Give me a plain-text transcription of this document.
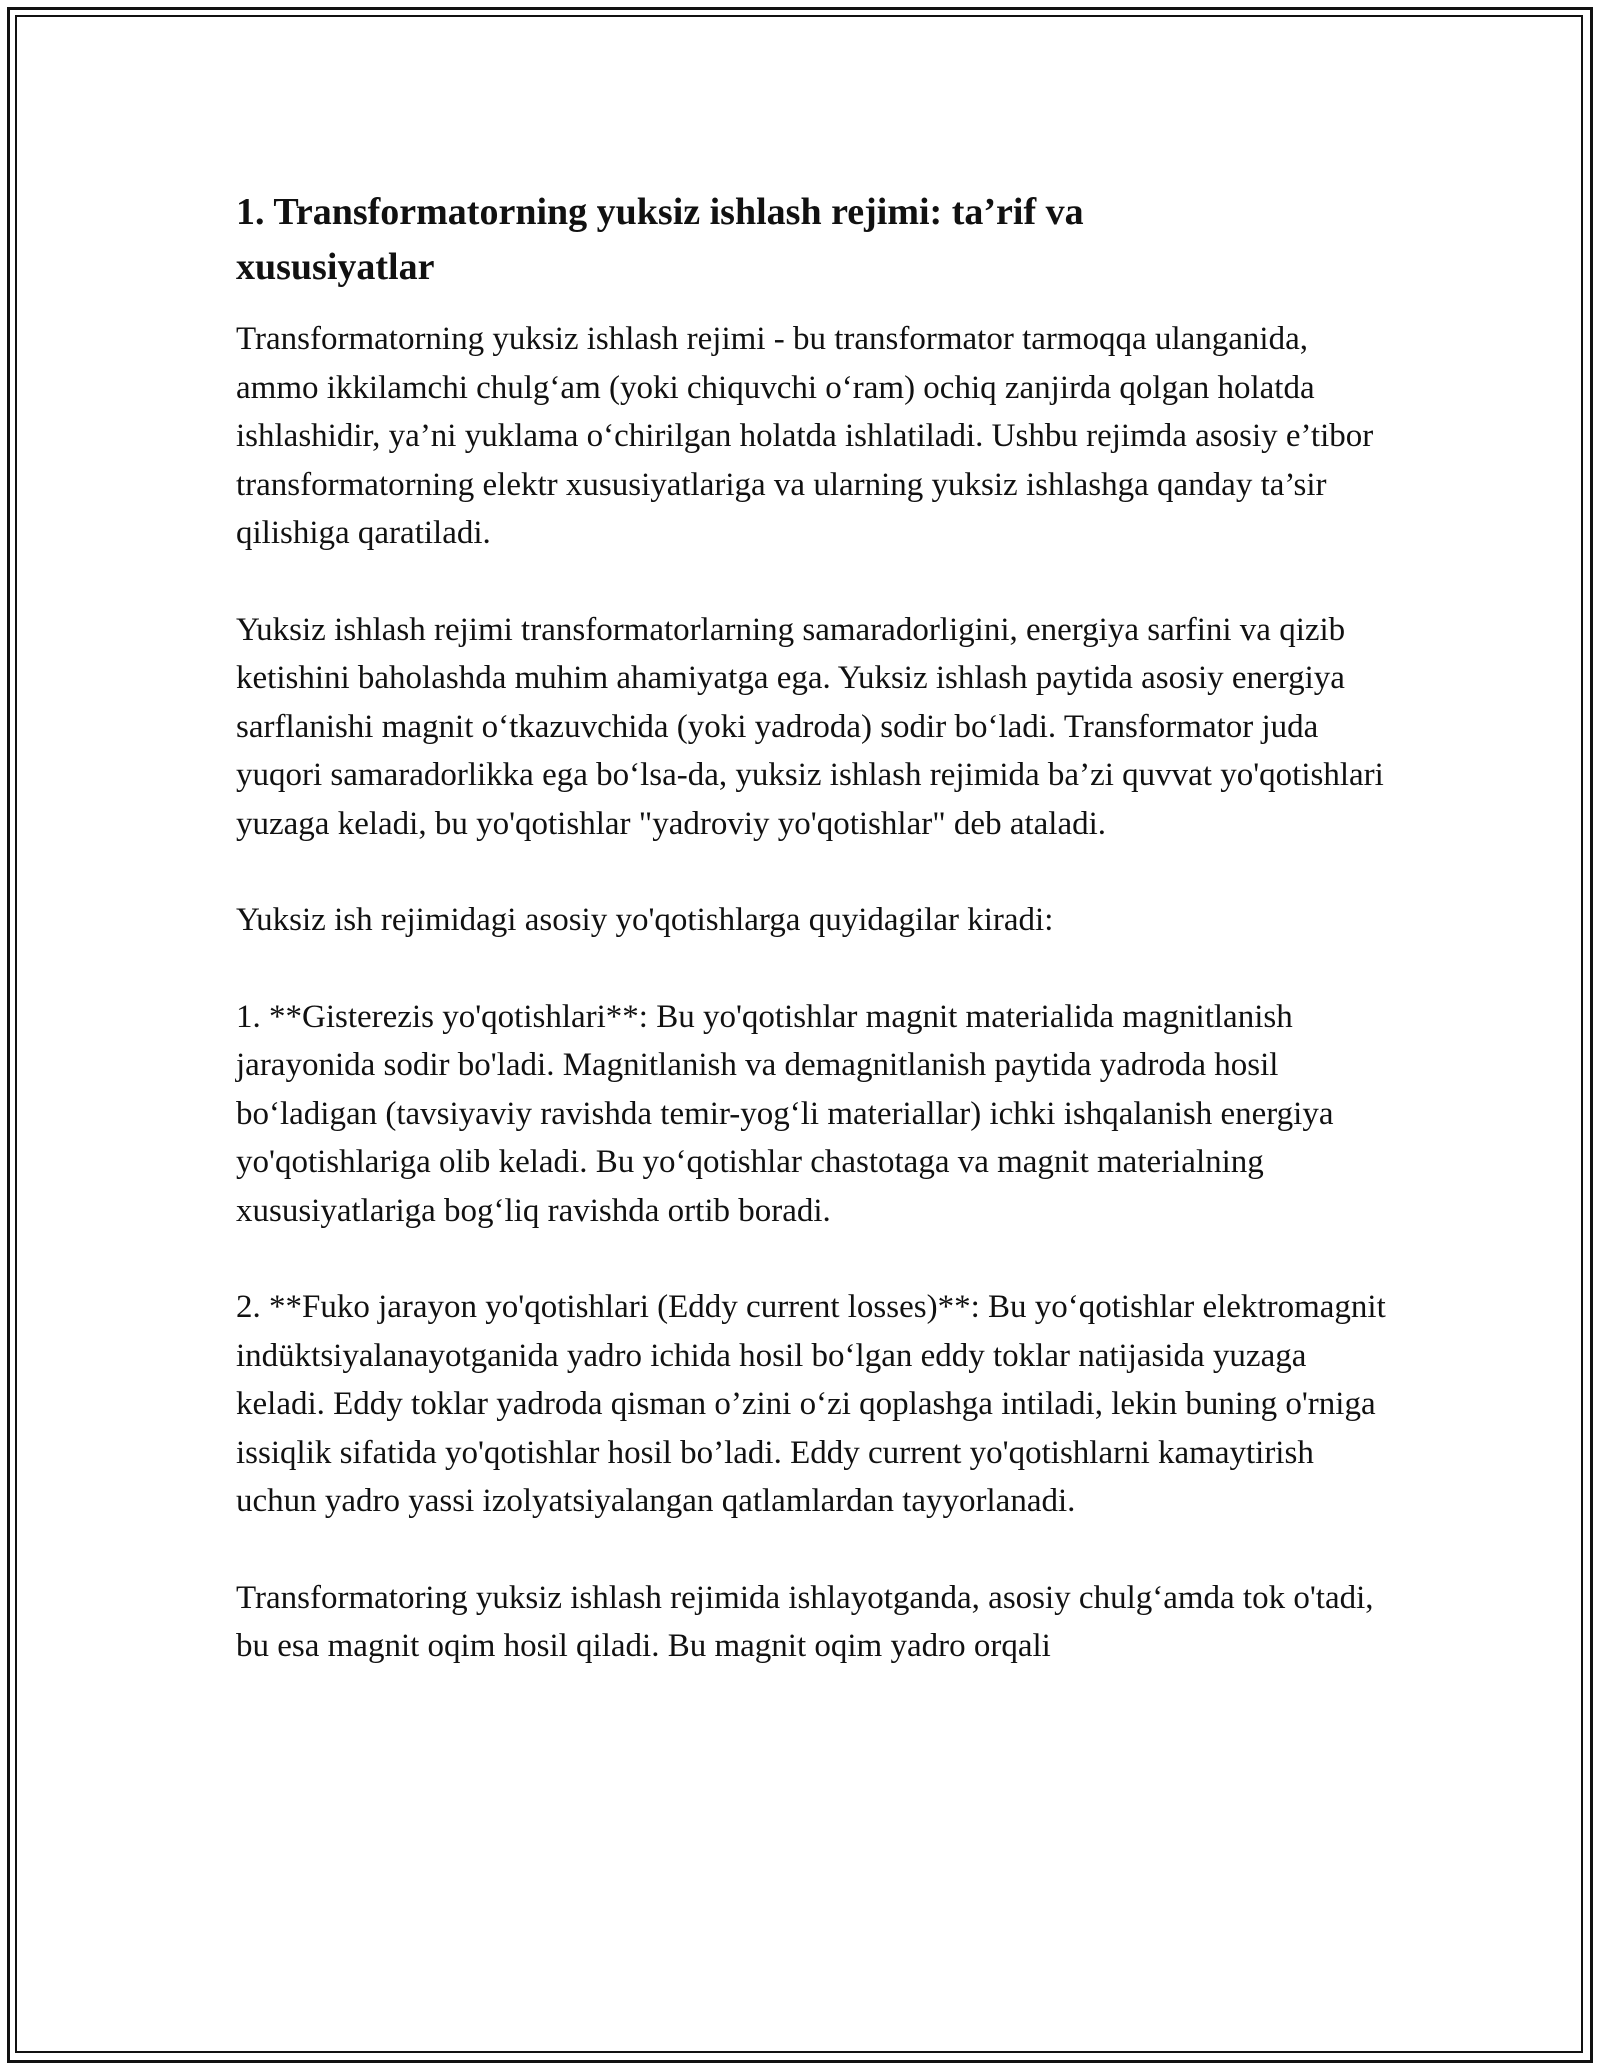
1. Transformatorning yuksiz ishlash rejimi: ta’rif va xususiyatlar

Transformatorning yuksiz ishlash rejimi - bu transformator tarmoqqa ulanganida, ammo ikkilamchi chulg‘am (yoki chiquvchi o‘ram) ochiq zanjirda qolgan holatda ishlashidir, ya’ni yuklama o‘chirilgan holatda ishlatiladi. Ushbu rejimda asosiy e’tibor transformatorning elektr xususiyatlariga va ularning yuksiz ishlashga qanday ta’sir qilishiga qaratiladi.

Yuksiz ishlash rejimi transformatorlarning samaradorligini, energiya sarfini va qizib ketishini baholashda muhim ahamiyatga ega. Yuksiz ishlash paytida asosiy energiya sarflanishi magnit o‘tkazuvchida (yoki yadroda) sodir bo‘ladi. Transformator juda yuqori samaradorlikka ega bo‘lsa-da, yuksiz ishlash rejimida ba’zi quvvat yo'qotishlari yuzaga keladi, bu yo'qotishlar "yadroviy yo'qotishlar" deb ataladi.

Yuksiz ish rejimidagi asosiy yo'qotishlarga quyidagilar kiradi:

1. **Gisterezis yo'qotishlari**: Bu yo'qotishlar magnit materialida magnitlanish jarayonida sodir bo'ladi. Magnitlanish va demagnitlanish paytida yadroda hosil bo‘ladigan (tavsiyaviy ravishda temir-yog‘li materiallar) ichki ishqalanish energiya yo'qotishlariga olib keladi. Bu yo‘qotishlar chastotaga va magnit materialning xususiyatlariga bog‘liq ravishda ortib boradi.

2. **Fuko jarayon yo'qotishlari (Eddy current losses)**: Bu yo‘qotishlar elektromagnit indüktsiyalanayotganida yadro ichida hosil bo‘lgan eddy toklar natijasida yuzaga keladi. Eddy toklar yadroda qisman o’zini o‘zi qoplashga intiladi, lekin buning o'rniga issiqlik sifatida yo'qotishlar hosil bo’ladi. Eddy current yo'qotishlarni kamaytirish uchun yadro yassi izolyatsiyalangan qatlamlardan tayyorlanadi.

Transformatoring yuksiz ishlash rejimida ishlayotganda, asosiy chulg‘amda tok o'tadi, bu esa magnit oqim hosil qiladi. Bu magnit oqim yadro orqali
